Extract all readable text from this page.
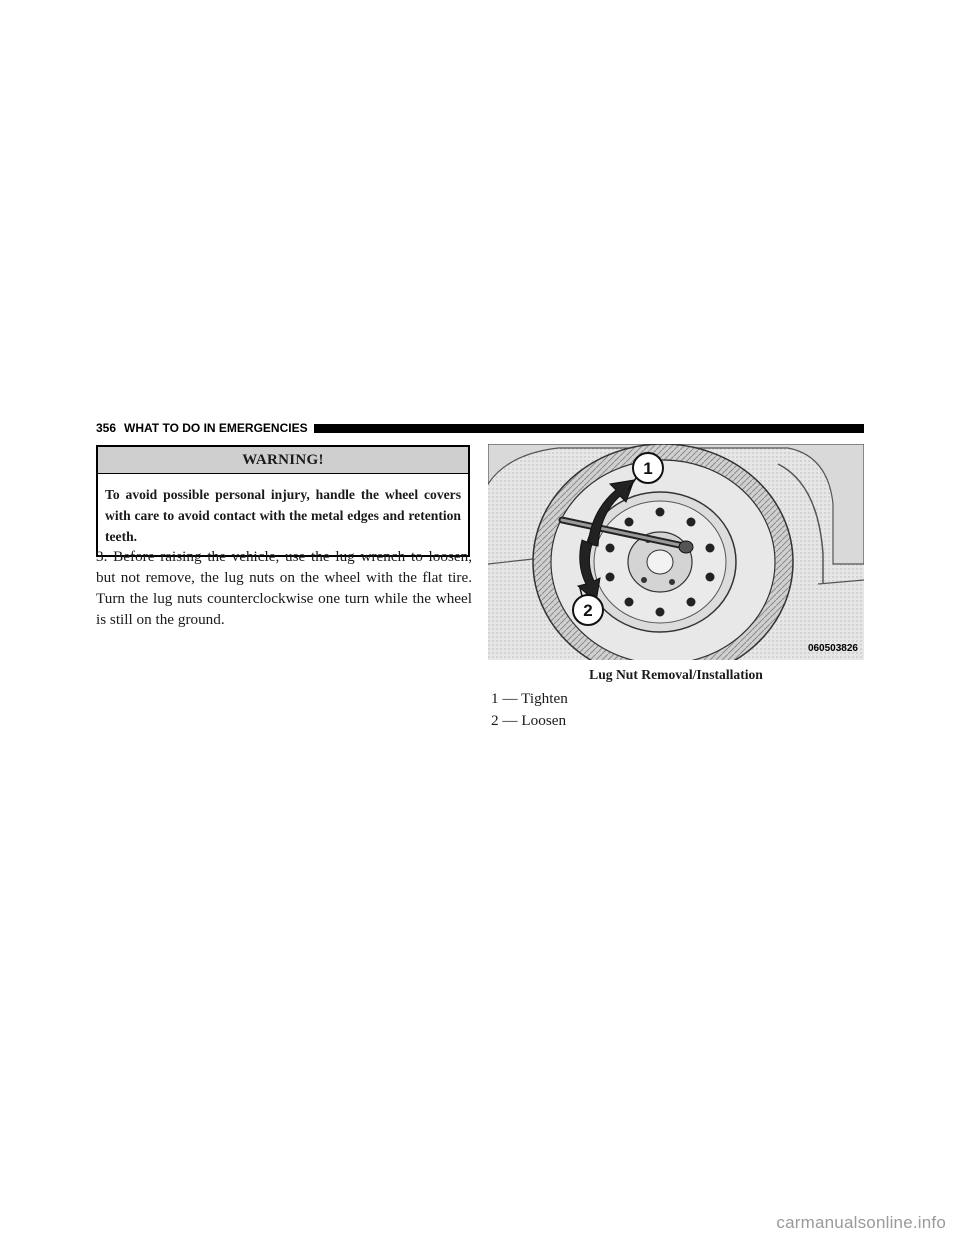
356 WHAT TO DO IN EMERGENCIES
WARNING!
To avoid possible personal injury, handle the wheel covers with care to avoid contact with the metal edges and retention teeth.
3. Before raising the vehicle, use the lug wrench to loosen, but not remove, the lug nuts on the wheel with the flat tire. Turn the lug nuts counterclockwise one turn while the wheel is still on the ground.
1
2
060503826
Lug Nut Removal/Installation
1 — Tighten
2 — Loosen
carmanualsonline.info
